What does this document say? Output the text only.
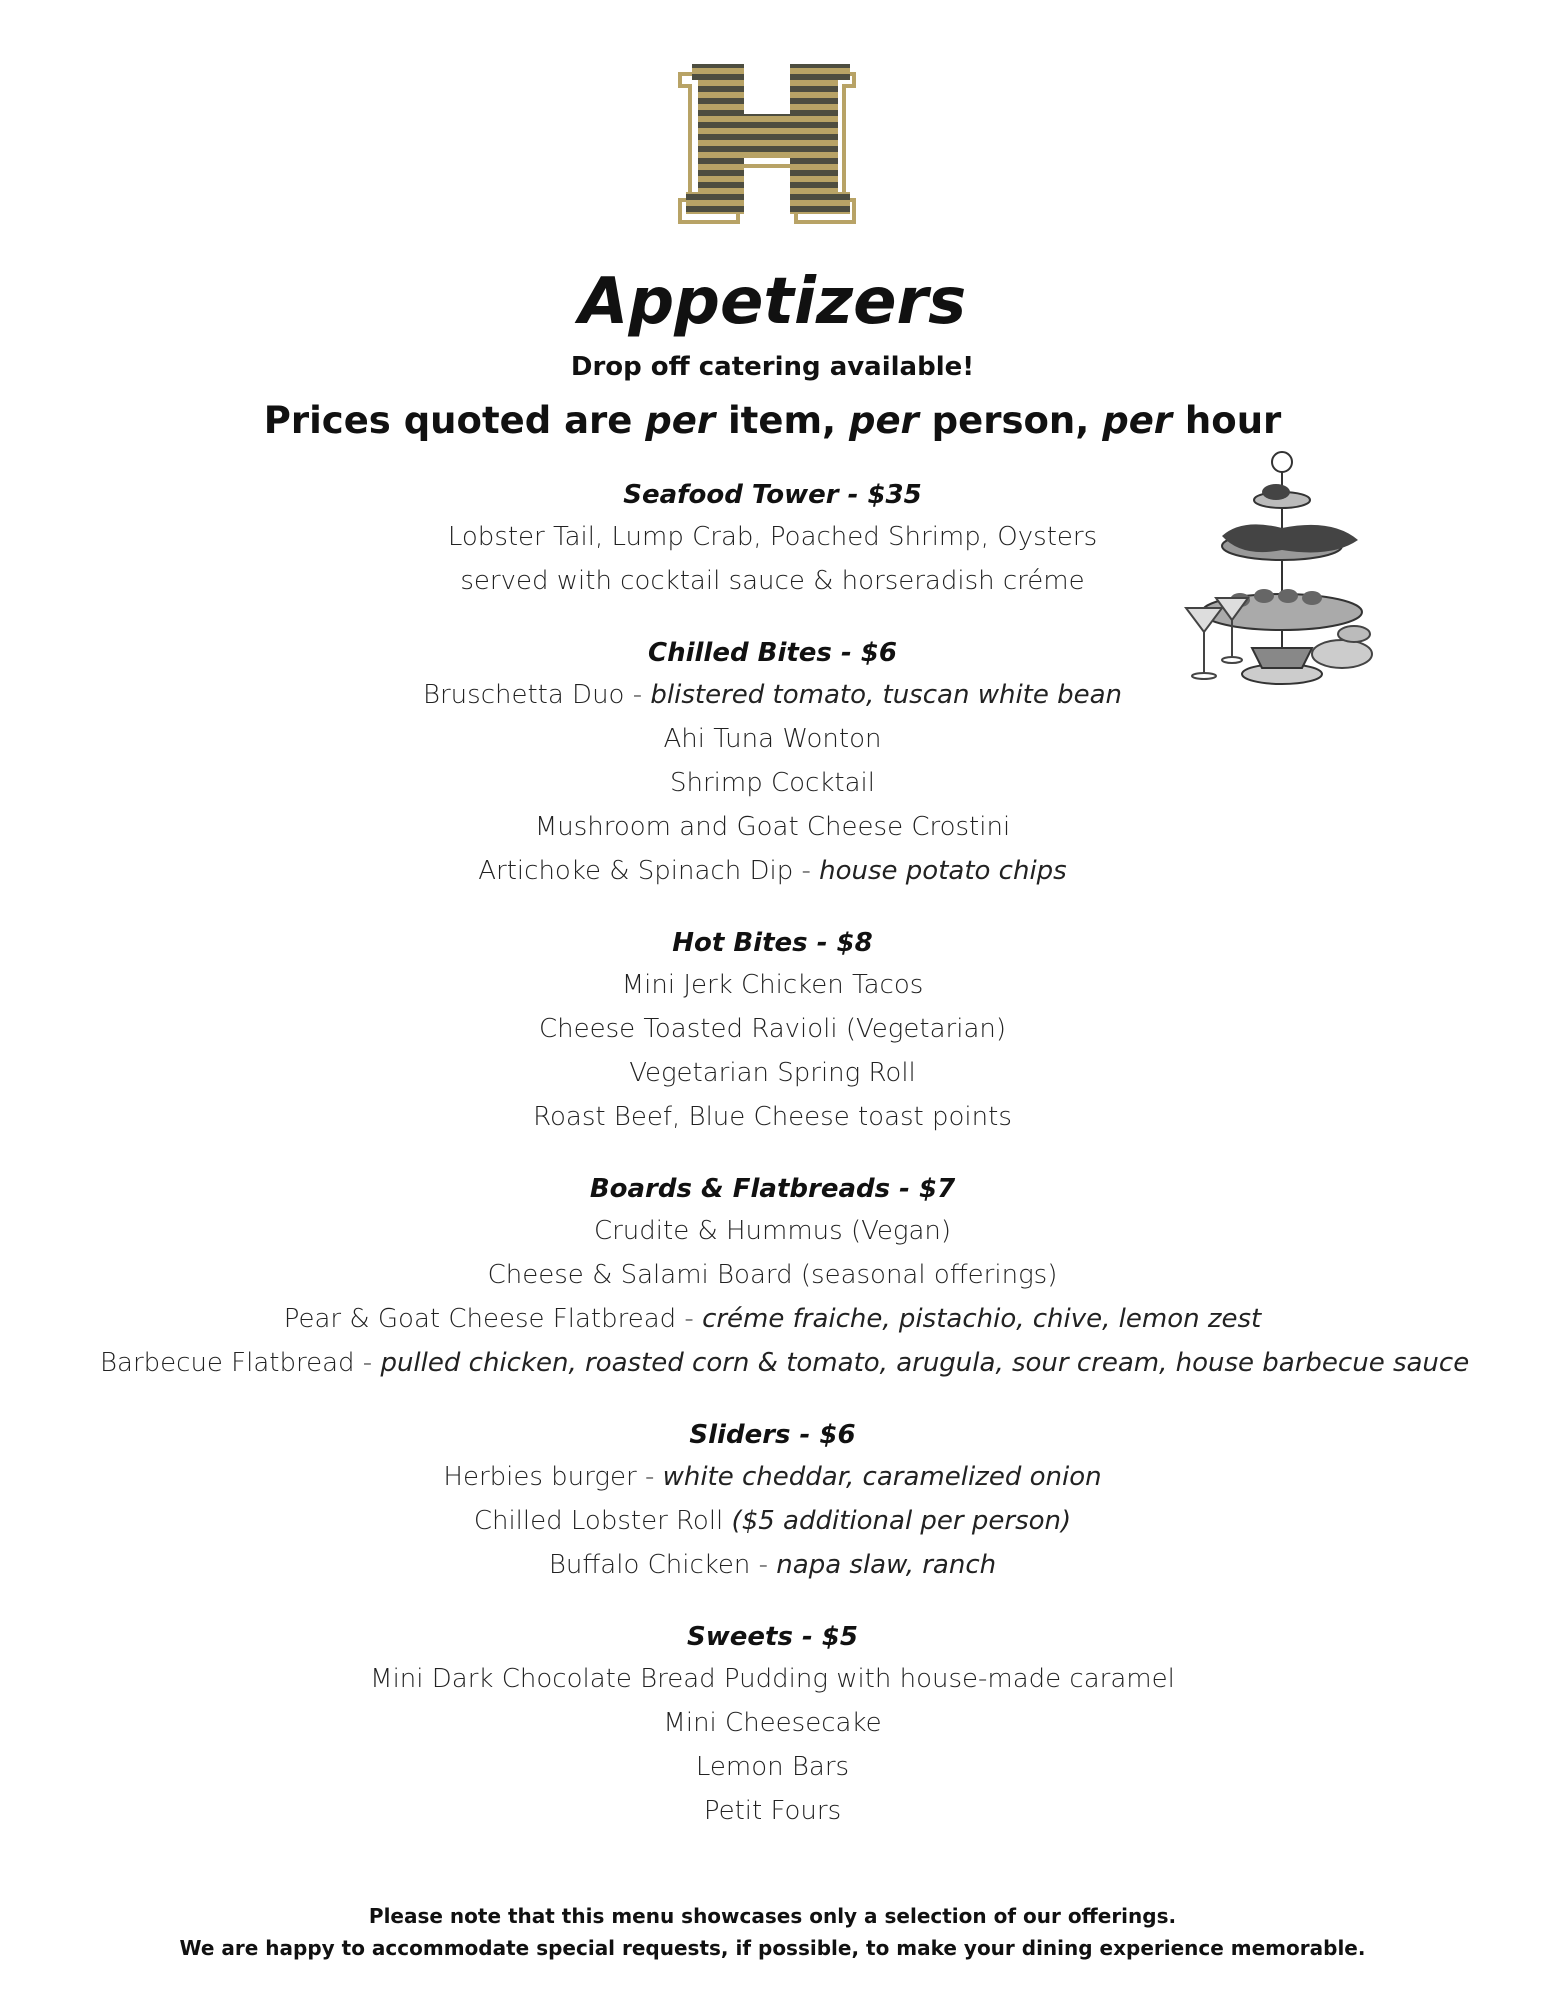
Appetizers
Drop off catering available!
Prices quoted are per item, per person, per hour
Seafood Tower - $35
Lobster Tail, Lump Crab, Poached Shrimp, Oysters
served with cocktail sauce & horseradish créme
Chilled Bites - $6
Bruschetta Duo - blistered tomato, tuscan white bean
Ahi Tuna Wonton
Shrimp Cocktail
Mushroom and Goat Cheese Crostini
Artichoke & Spinach Dip - house potato chips
Hot Bites - $8
Mini Jerk Chicken Tacos
Cheese Toasted Ravioli (Vegetarian)
Vegetarian Spring Roll
Roast Beef, Blue Cheese toast points
Boards & Flatbreads - $7
Crudite & Hummus (Vegan)
Cheese & Salami Board (seasonal offerings)
Pear & Goat Cheese Flatbread - créme fraiche, pistachio, chive, lemon zest
Barbecue Flatbread - pulled chicken, roasted corn & tomato, arugula, sour cream, house barbecue sauce
Sliders - $6
Herbies burger - white cheddar, caramelized onion
Chilled Lobster Roll ($5 additional per person)
Buffalo Chicken - napa slaw, ranch
Sweets - $5
Mini Dark Chocolate Bread Pudding with house-made caramel
Mini Cheesecake
Lemon Bars
Petit Fours
Please note that this menu showcases only a selection of our offerings.
We are happy to accommodate special requests, if possible, to make your dining experience memorable.
